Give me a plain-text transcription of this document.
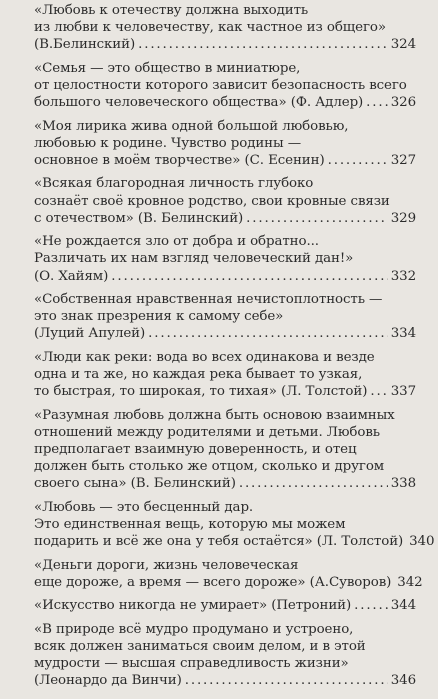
«Любовь к отечеству должна выходить
из любви к человечеству, как частное из общего»
(В.Белинский) . . .	324
«Семья — это общество в миниатюре,
от целостности которого зависит безопасность всего
большого человеческого общества» (Ф. Адлер) . . . 326
«Моя лирика жива одной большой любовью,
любовью к родине. Чувство родины —
основное в моём творчестве» (С. Есенин) . . .	327
«Всякая благородная личность глубоко
сознаёт своё кровное родство, свои кровные связи
с отечеством» (В. Белинский) . . .	329
«Не рождается зло от добра и обратно...
Различать их нам взгляд человеческий дан!»
(О. Хайям) . . .	332
«Собственная нравственная нечистоплотность —
это знак презрения к самому себе»
(Луций Апулей) . . .	334
«Люди как реки: вода во всех одинакова и везде
одна и та же, но каждая река бывает то узкая,
то быстрая, то широкая, то тихая» (Л. Толстой) . . . 337
«Разумная любовь должна быть основою взаимных
отношений между родителями и детьми. Любовь
предполагает взаимную доверенность, и отец
должен быть столько же отцом, сколько и другом
своего сына» (В. Белинский) . . .	338
«Любовь — это бесценный дар.
Это единственная вещь, которую мы можем
подарить и всё же она у тебя остаётся» (Л. Толстой) 340
«Деньги дороги, жизнь человеческая
еще дороже, а время — всего дороже» (А.Суворов) 342
«Искусство никогда не умирает» (Петроний) . . .	344
«В природе всё мудро продумано и устроено,
всяк должен заниматься своим делом, и в этой
мудрости — высшая справедливость жизни»
(Леонардо да Винчи) . . .	346
